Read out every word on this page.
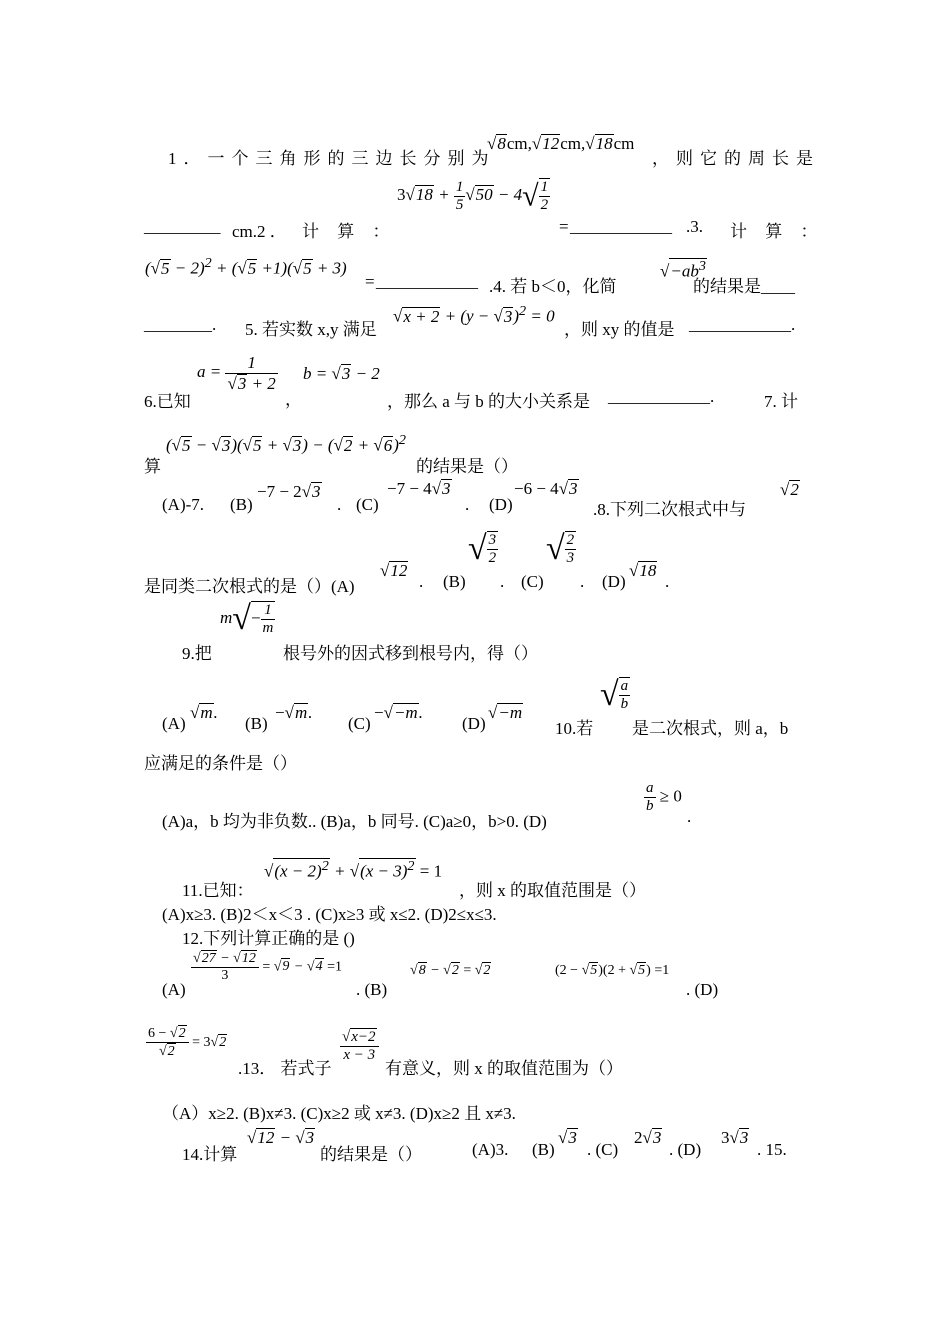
1．一个三角形的三边长分别为
√8cm,√12cm,√18cm
，则它的周长是
_________ cm.2 ． 计 算 ：
$3√18 + \frac{1}{5} √50 - 4√ \frac{1}{2}$
= ____________ .3. 计 算 ：
$(√5 - 2)^2 + (√5 +1)(√5 + 3)$
= ____________ .4. 若 b＜0，化简
$√-ab^3$
的结果是____
________. 5. 若实数 x,y 满足
$√x + 2 + (y - √3)^2 = 0$
，则 xy 的值是 ____________.
6.已知
$a = \frac{1}{√3 + 2}$
，
b = √3 − 2
，那么 a 与 b 的大小关系是 ____________.	7. 计
算
$(√5 - √3)(√5 + √3) - (√2 + √6)^2$
的结果是（）
(A)-7. (B)
−7 − 2√3
. (C)
−7 − 4√3
. (D)
−6 − 4√3
.8.下列二次根式中与
√2
是同类二次根式的是（）(A)
√12
. (B)
√ $\frac{3}{2}$
. (C)
√ $\frac{2}{3}$
. (D)
√18
.
9.把
$m√- \frac{1}{m}$
根号外的因式移到根号内，得（）
(A)
√m.
(B)
−√m.
(C)
−√−m.
(D)
√−m
10.若
√ $\frac{a}{b}$
是二次根式，则 a，b
应满足的条件是（）
(A)a，b 均为非负数.. (B)a，b 同号. (C)a≥0，b>0. (D)
$\frac{a}{b} \ge 0$
.
11.已知：
$√(x - 2)^2 + √(x - 3)^2 = 1$
，则 x 的取值范围是（）
(A)x≥3. (B)2＜x＜3 . (C)x≥3 或 x≤2. (D)2≤x≤3.
12.下列计算正确的是 ()
(A)
$\frac{√27 - √12}{3} = √9 - √4 =1$
. (B)
√8 − √2 = √2	(2 − √5)(2 + √5) =1
. (D)
$\frac{6 - √2}{√2} = 3√2$
.13． 若式子
$\frac{√x-2}{x - 3}$
有意义，则 x 的取值范围为（）
（A）x≥2. (B)x≠3. (C)x≥2 或 x≠3. (D)x≥2 且 x≠3.
14.计算
√12 − √3
的结果是（）	(A)3. (B)
√3
. (C)
2√3
. (D)
3√3
. 15.
